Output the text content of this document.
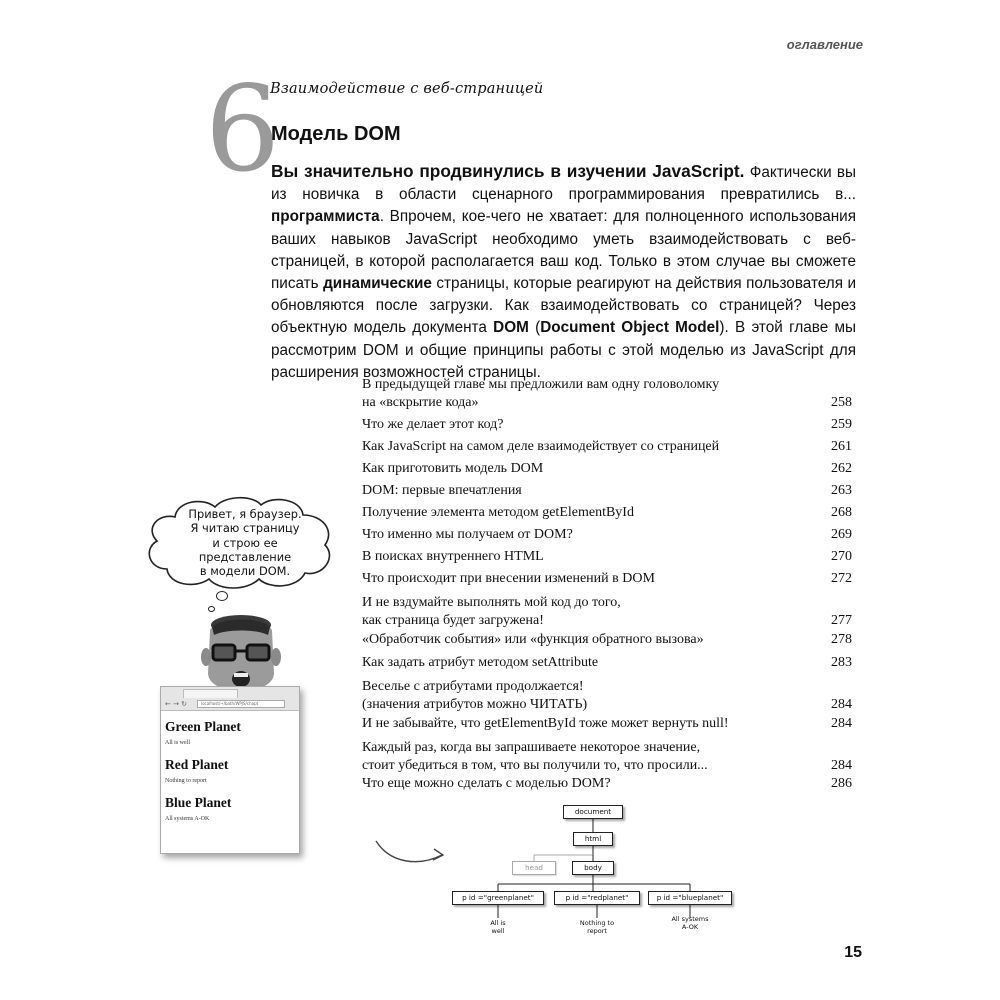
оглавление
6
Взаимодействие с веб-страницей
Модель DOM
Вы значительно продвинулись в изучении JavaScript. Фактически вы из новичка в области сценарного программирования превратились в... программиста. Впрочем, кое-чего не хватает: для полноценного использования ваших навыков JavaScript необходимо уметь взаимодействовать с веб-страницей, в которой располагается ваш код. Только в этом случае вы сможете писать динамические страницы, которые реагируют на действия пользователя и обновляются после загрузки. Как взаимодействовать со страницей? Через объектную модель документа DOM (Document Object Model). В этой главе мы рассмотрим DOM и общие принципы работы с этой моделью из JavaScript для расширения возможностей страницы.
В предыдущей главе мы предложили вам одну головоломку
на «вскрытие кода»	258
Что же делает этот код?	259
Как JavaScript на самом деле взаимодействует со страницей	261
Как приготовить модель DOM	262
DOM: первые впечатления	263
Получение элемента методом getElementById	268
Что именно мы получаем от DOM?	269
В поисках внутреннего HTML	270
Что происходит при внесении изменений в DOM	272
И не вздумайте выполнять мой код до того,
как страница будет загружена!	277
«Обработчик события» или «функция обратного вызова»	278
Как задать атрибут методом setAttribute	283
Веселье с атрибутами продолжается!
(значения атрибутов можно ЧИТАТЬ)	284
И не забывайте, что getElementById тоже может вернуть null!	284
Каждый раз, когда вы запрашиваете некоторое значение,
стоит убедиться в том, что вы получили то, что просили...	284
Что еще можно сделать с моделью DOM?	286
Привет, я браузер.
Я читаю страницу
и строю ее представление
в модели DOM.
← → ↻	localhost/~/bath/WPJS/chapt
Green Planet
All is well
Red Planet
Nothing to report
Blue Planet
All systems A-OK
document
html
head	body
p id ="greenplanet"	p id ="redplanet"	p id ="blueplanet"
All is
well
Nothing to
report
All systems
A-OK
15
